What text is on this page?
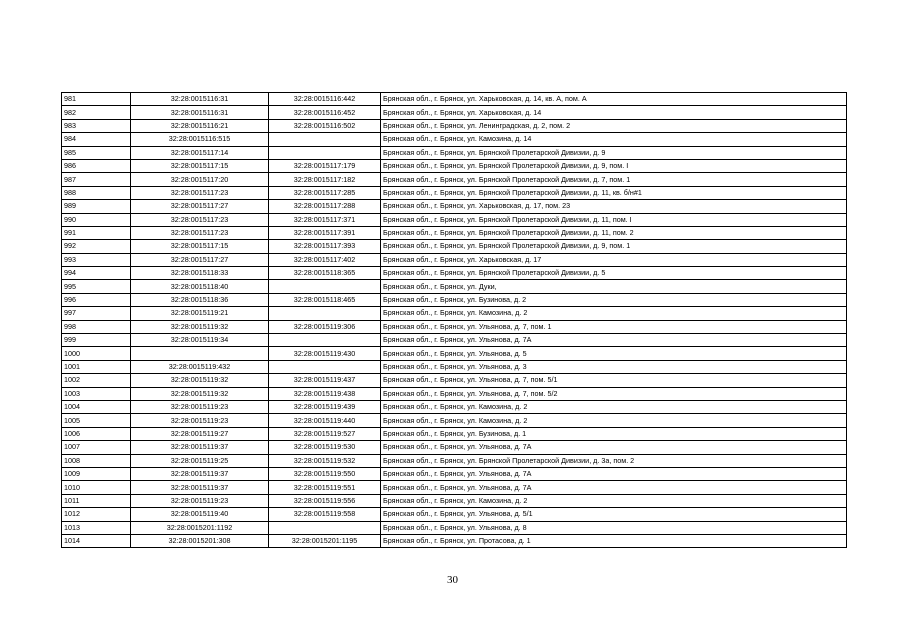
981	32:28:0015116:31	32:28:0015116:442	Брянская обл., г. Брянск, ул. Харьковская, д. 14, кв. А, пом. А
982	32:28:0015116:31	32:28:0015116:452	Брянская обл., г. Брянск, ул. Харьковская, д. 14
983	32:28:0015116:21	32:28:0015116:502	Брянская обл., г. Брянск, ул. Ленинградская, д. 2, пом. 2
984	32:28:0015116:515		Брянская обл., г. Брянск, ул. Камозина, д. 14
985	32:28:0015117:14		Брянская обл., г. Брянск, ул. Брянской Пролетарской Дивизии, д. 9
986	32:28:0015117:15	32:28:0015117:179	Брянская обл., г. Брянск, ул. Брянской Пролетарской Дивизии, д. 9, пом. I
987	32:28:0015117:20	32:28:0015117:182	Брянская обл., г. Брянск, ул. Брянской Пролетарской Дивизии, д. 7, пом. 1
988	32:28:0015117:23	32:28:0015117:285	Брянская обл., г. Брянск, ул. Брянской Пролетарской Дивизии, д. 11, кв. б/н#1
989	32:28:0015117:27	32:28:0015117:288	Брянская обл., г. Брянск, ул. Харьковская, д. 17, пом. 23
990	32:28:0015117:23	32:28:0015117:371	Брянская обл., г. Брянск, ул. Брянской Пролетарской Дивизии, д. 11, пом. I
991	32:28:0015117:23	32:28:0015117:391	Брянская обл., г. Брянск, ул. Брянской Пролетарской Дивизии, д. 11, пом. 2
992	32:28:0015117:15	32:28:0015117:393	Брянская обл., г. Брянск, ул. Брянской Пролетарской Дивизии, д. 9, пом. 1
993	32:28:0015117:27	32:28:0015117:402	Брянская обл., г. Брянск, ул. Харьковская, д. 17
994	32:28:0015118:33	32:28:0015118:365	Брянская обл., г. Брянск, ул. Брянской Пролетарской Дивизии, д. 5
995	32:28:0015118:40		Брянская обл., г. Брянск, ул. Дуки,
996	32:28:0015118:36	32:28:0015118:465	Брянская обл., г. Брянск, ул. Бузинова, д. 2
997	32:28:0015119:21		Брянская обл., г. Брянск, ул. Камозина, д. 2
998	32:28:0015119:32	32:28:0015119:306	Брянская обл., г. Брянск, ул. Ульянова, д. 7, пом. 1
999	32:28:0015119:34		Брянская обл., г. Брянск, ул. Ульянова, д. 7А
1000		32:28:0015119:430	Брянская обл., г. Брянск, ул. Ульянова, д. 5
1001	32:28:0015119:432		Брянская обл., г. Брянск, ул. Ульянова, д. 3
1002	32:28:0015119:32	32:28:0015119:437	Брянская обл., г. Брянск, ул. Ульянова, д. 7, пом. 5/1
1003	32:28:0015119:32	32:28:0015119:438	Брянская обл., г. Брянск, ул. Ульянова, д. 7, пом. 5/2
1004	32:28:0015119:23	32:28:0015119:439	Брянская обл., г. Брянск, ул. Камозина, д. 2
1005	32:28:0015119:23	32:28:0015119:440	Брянская обл., г. Брянск, ул. Камозина, д. 2
1006	32:28:0015119:27	32:28:0015119:527	Брянская обл., г. Брянск, ул. Бузинова, д. 1
1007	32:28:0015119:37	32:28:0015119:530	Брянская обл., г. Брянск, ул. Ульянова, д. 7А
1008	32:28:0015119:25	32:28:0015119:532	Брянская обл., г. Брянск, ул. Брянской Пролетарской Дивизии, д. 3а, пом. 2
1009	32:28:0015119:37	32:28:0015119:550	Брянская обл., г. Брянск, ул. Ульянова, д. 7А
1010	32:28:0015119:37	32:28:0015119:551	Брянская обл., г. Брянск, ул. Ульянова, д. 7А
1011	32:28:0015119:23	32:28:0015119:556	Брянская обл., г. Брянск, ул. Камозина, д. 2
1012	32:28:0015119:40	32:28:0015119:558	Брянская обл., г. Брянск, ул. Ульянова, д. 5/1
1013	32:28:0015201:1192		Брянская обл., г. Брянск, ул. Ульянова, д. 8
1014	32:28:0015201:308	32:28:0015201:1195	Брянская обл., г. Брянск, ул. Протасова, д. 1
30
